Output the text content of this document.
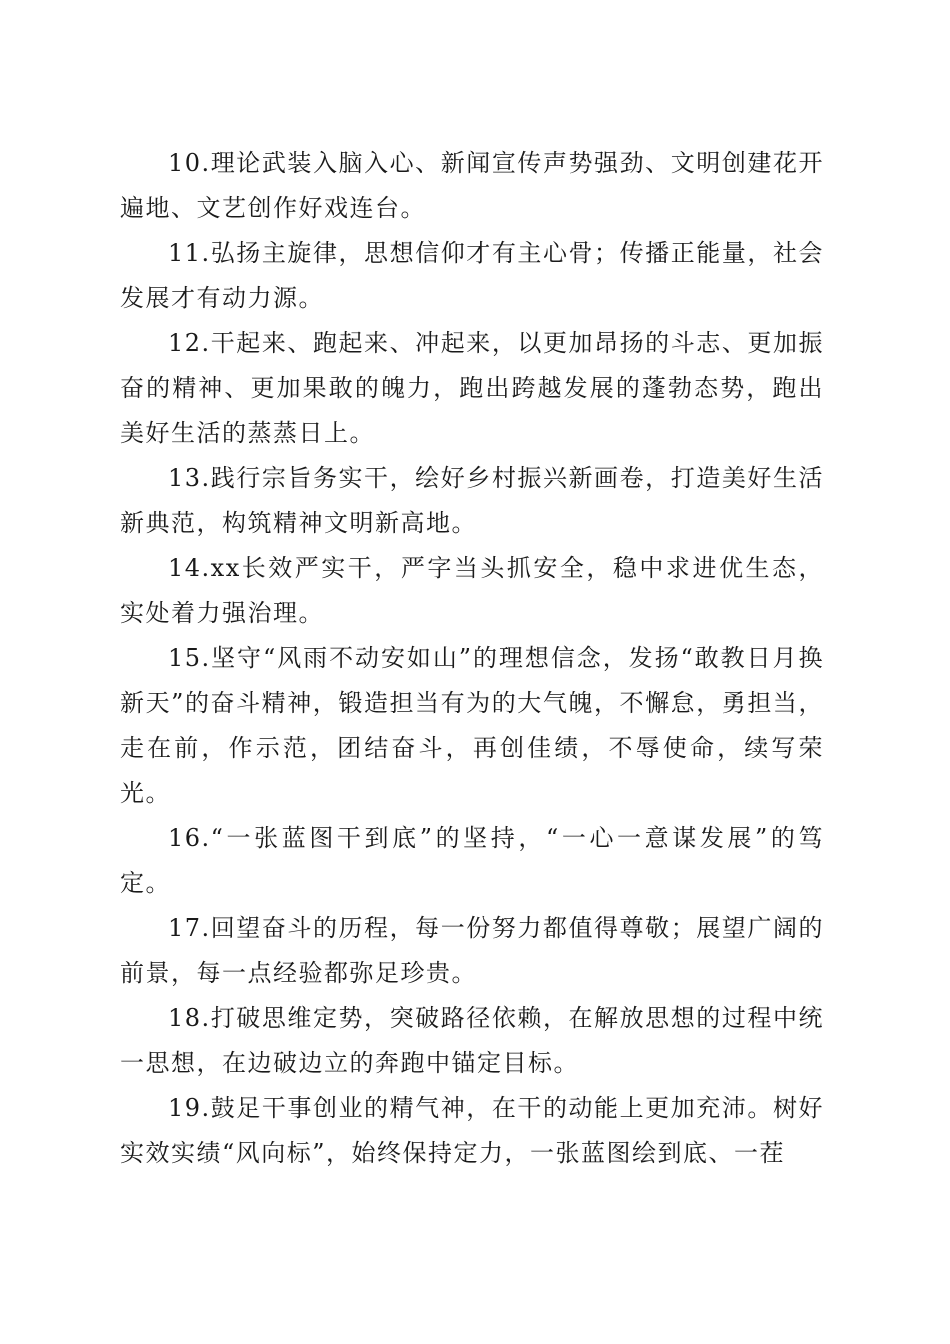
10.理论武装入脑入心、新闻宣传声势强劲、文明创建花开遍地、文艺创作好戏连台。

11.弘扬主旋律，思想信仰才有主心骨；传播正能量，社会发展才有动力源。

12.干起来、跑起来、冲起来，以更加昂扬的斗志、更加振奋的精神、更加果敢的魄力，跑出跨越发展的蓬勃态势，跑出美好生活的蒸蒸日上。

13.践行宗旨务实干，绘好乡村振兴新画卷，打造美好生活新典范，构筑精神文明新高地。

14.xx长效严实干，严字当头抓安全，稳中求进优生态，实处着力强治理。

15.坚守“风雨不动安如山”的理想信念，发扬“敢教日月换新天”的奋斗精神，锻造担当有为的大气魄，不懈怠，勇担当，走在前，作示范，团结奋斗，再创佳绩，不辱使命，续写荣光。

16.“一张蓝图干到底”的坚持，“一心一意谋发展”的笃定。

17.回望奋斗的历程，每一份努力都值得尊敬；展望广阔的前景，每一点经验都弥足珍贵。

18.打破思维定势，突破路径依赖，在解放思想的过程中统一思想，在边破边立的奔跑中锚定目标。

19.鼓足干事创业的精气神，在干的动能上更加充沛。树好实效实绩“风向标”，始终保持定力，一张蓝图绘到底、一茬
